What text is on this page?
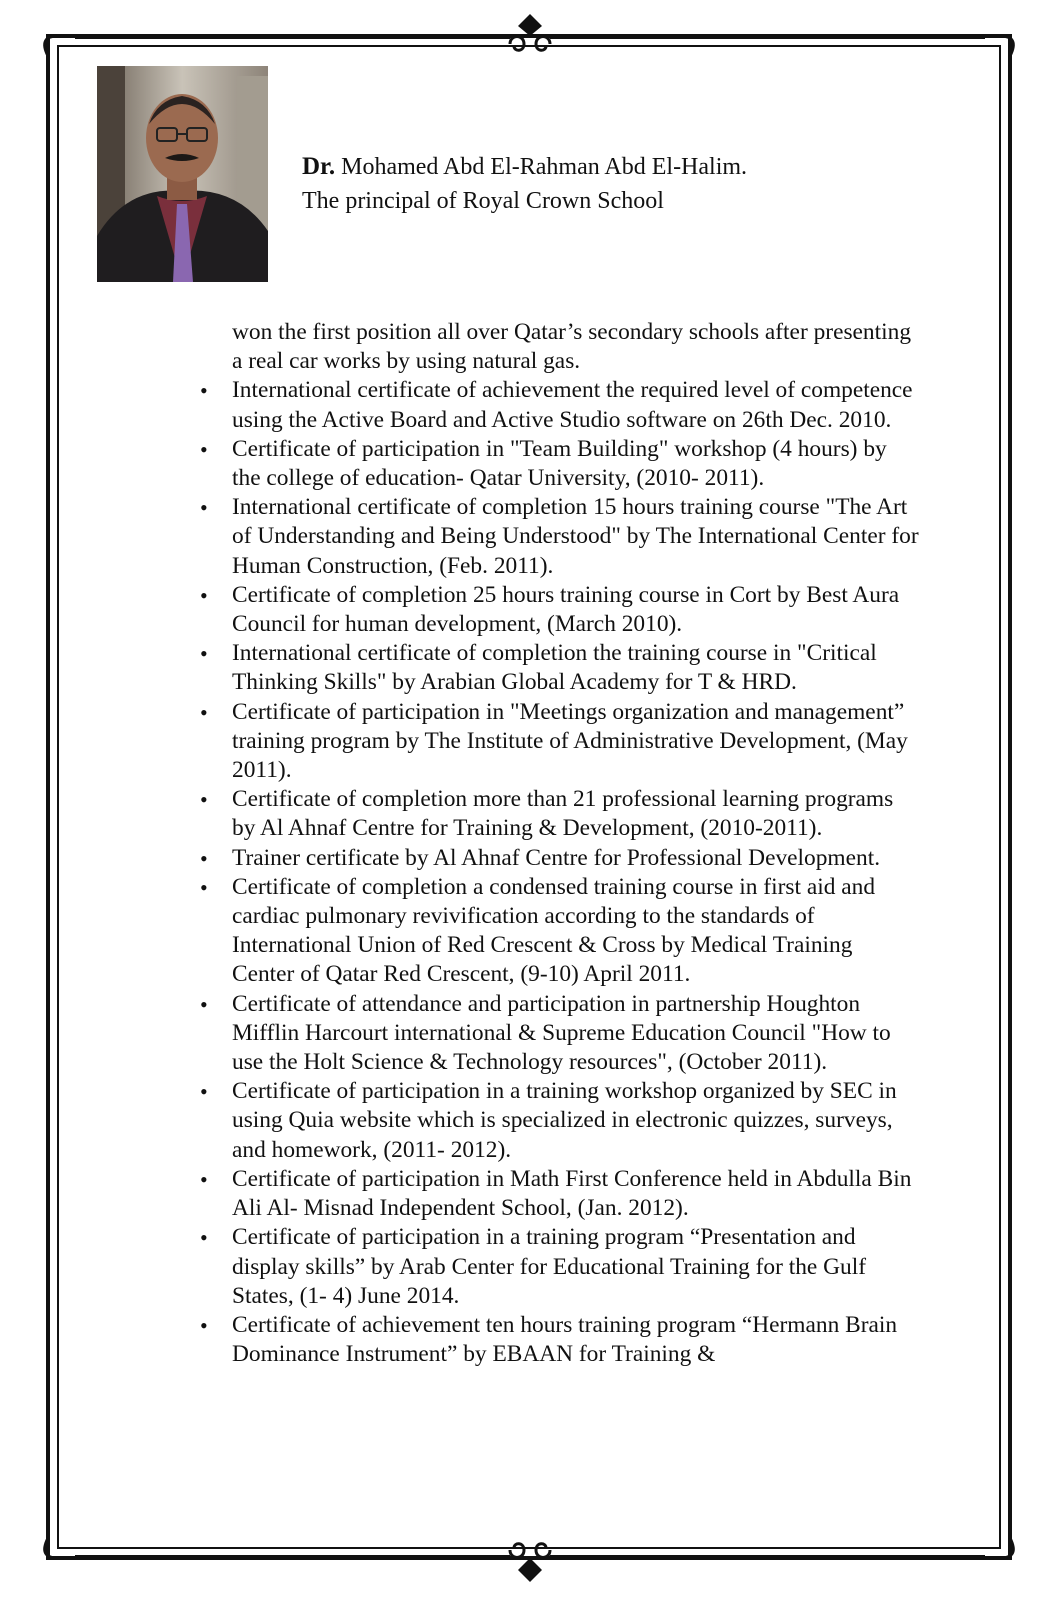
Dr. Mohamed Abd El-Rahman Abd El-Halim.
The principal of Royal Crown School

won the first position all over Qatar’s secondary schools after presenting a real car works by using natural gas.

• International certificate of achievement the required level of competence using the Active Board and Active Studio software on 26th Dec. 2010.
• Certificate of participation in "Team Building" workshop (4 hours) by the college of education- Qatar University, (2010- 2011).
• International certificate of completion 15 hours training course "The Art of Understanding and Being Understood" by The International Center for Human Construction, (Feb. 2011).
• Certificate of completion 25 hours training course in Cort by Best Aura Council for human development, (March 2010).
• International certificate of completion the training course in "Critical Thinking Skills" by Arabian Global Academy for T & HRD.
• Certificate of participation in "Meetings organization and management” training program by The Institute of Administrative Development, (May 2011).
• Certificate of completion more than 21 professional learning programs by Al Ahnaf Centre for Training & Development, (2010-2011).
• Trainer certificate by Al Ahnaf Centre for Professional Development.
• Certificate of completion a condensed training course in first aid and cardiac pulmonary revivification according to the standards of International Union of Red Crescent & Cross by Medical Training Center of Qatar Red Crescent, (9-10) April 2011.
• Certificate of attendance and participation in partnership Houghton Mifflin Harcourt international & Supreme Education Council "How to use the Holt Science & Technology resources", (October 2011).
• Certificate of participation in a training workshop organized by SEC in using Quia website which is specialized in electronic quizzes, surveys, and homework, (2011- 2012).
• Certificate of participation in Math First Conference held in Abdulla Bin Ali Al- Misnad Independent School, (Jan. 2012).
• Certificate of participation in a training program “Presentation and display skills” by Arab Center for Educational Training for the Gulf States, (1- 4) June 2014.
• Certificate of achievement ten hours training program “Hermann Brain Dominance Instrument” by EBAAN for Training &
